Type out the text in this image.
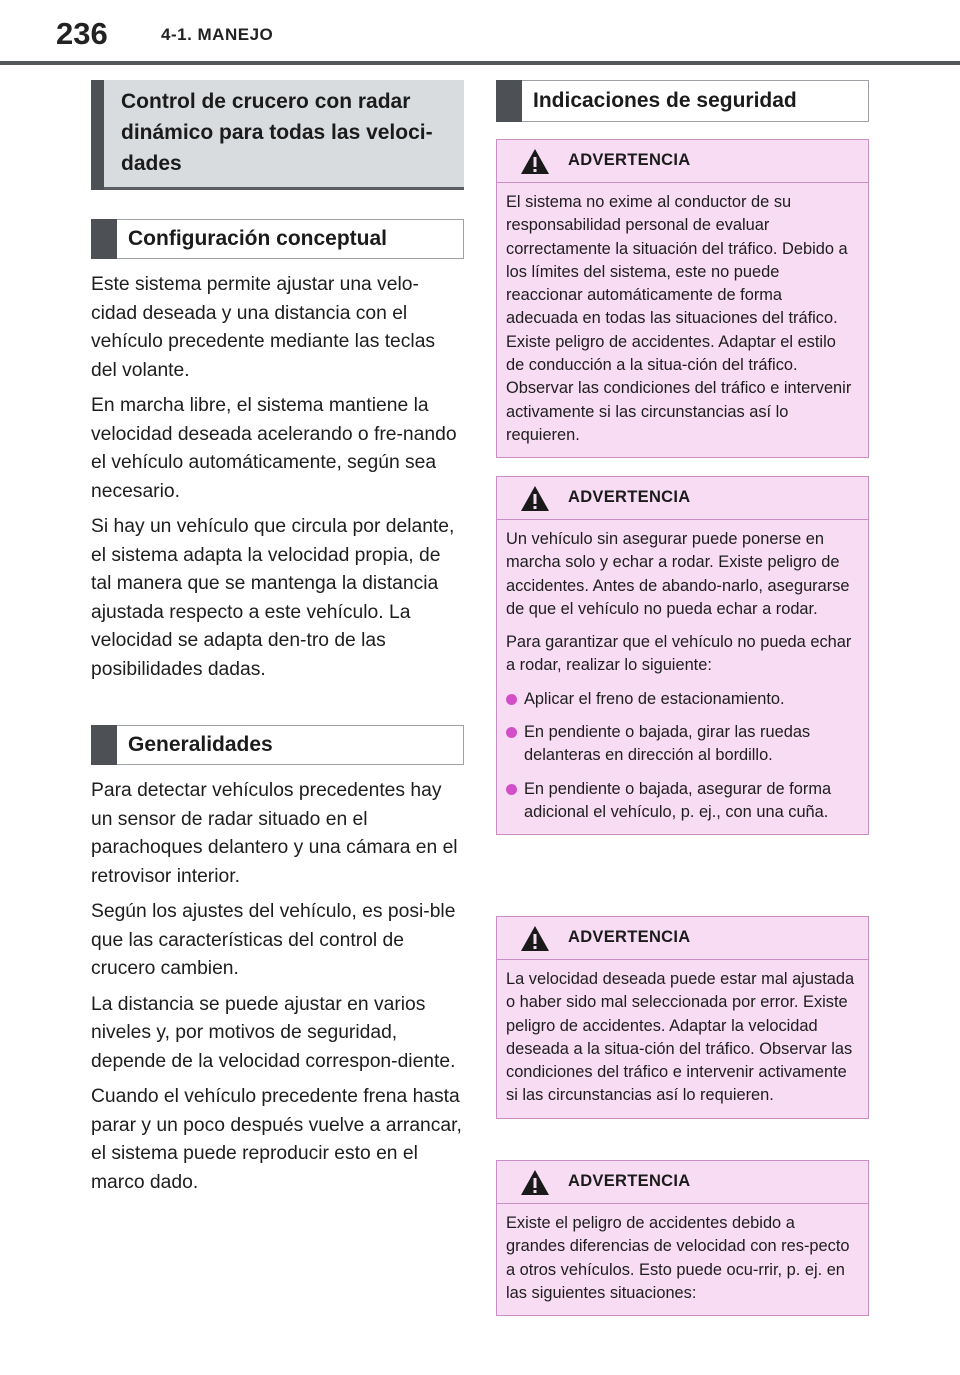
236	4-1. MANEJO
Control de crucero con radar dinámico para todas las veloci-dades
Configuración conceptual

Este sistema permite ajustar una velo-cidad deseada y una distancia con el vehículo precedente mediante las teclas del volante.

En marcha libre, el sistema mantiene la velocidad deseada acelerando o fre-nando el vehículo automáticamente, según sea necesario.

Si hay un vehículo que circula por delante, el sistema adapta la velocidad propia, de tal manera que se mantenga la distancia ajustada respecto a este vehículo. La velocidad se adapta den-tro de las posibilidades dadas.

Generalidades

Para detectar vehículos precedentes hay un sensor de radar situado en el parachoques delantero y una cámara en el retrovisor interior.

Según los ajustes del vehículo, es posi-ble que las características del control de crucero cambien.

La distancia se puede ajustar en varios niveles y, por motivos de seguridad, depende de la velocidad correspon-diente.

Cuando el vehículo precedente frena hasta parar y un poco después vuelve a arrancar, el sistema puede reproducir esto en el marco dado.

Indicaciones de seguridad
ADVERTENCIA

El sistema no exime al conductor de su responsabilidad personal de evaluar correctamente la situación del tráfico. Debido a los límites del sistema, este no puede reaccionar automáticamente de forma adecuada en todas las situaciones del tráfico. Existe peligro de accidentes. Adaptar el estilo de conducción a la situa-ción del tráfico. Observar las condiciones del tráfico e intervenir activamente si las circunstancias así lo requieren.

ADVERTENCIA

Un vehículo sin asegurar puede ponerse en marcha solo y echar a rodar. Existe peligro de accidentes. Antes de abando-narlo, asegurarse de que el vehículo no pueda echar a rodar.

Para garantizar que el vehículo no pueda echar a rodar, realizar lo siguiente:

Aplicar el freno de estacionamiento.
En pendiente o bajada, girar las ruedas delanteras en dirección al bordillo.
En pendiente o bajada, asegurar de forma adicional el vehículo, p. ej., con una cuña.
ADVERTENCIA

La velocidad deseada puede estar mal ajustada o haber sido mal seleccionada por error. Existe peligro de accidentes. Adaptar la velocidad deseada a la situa-ción del tráfico. Observar las condiciones del tráfico e intervenir activamente si las circunstancias así lo requieren.

ADVERTENCIA

Existe el peligro de accidentes debido a grandes diferencias de velocidad con res-pecto a otros vehículos. Esto puede ocu-rrir, p. ej. en las siguientes situaciones:
